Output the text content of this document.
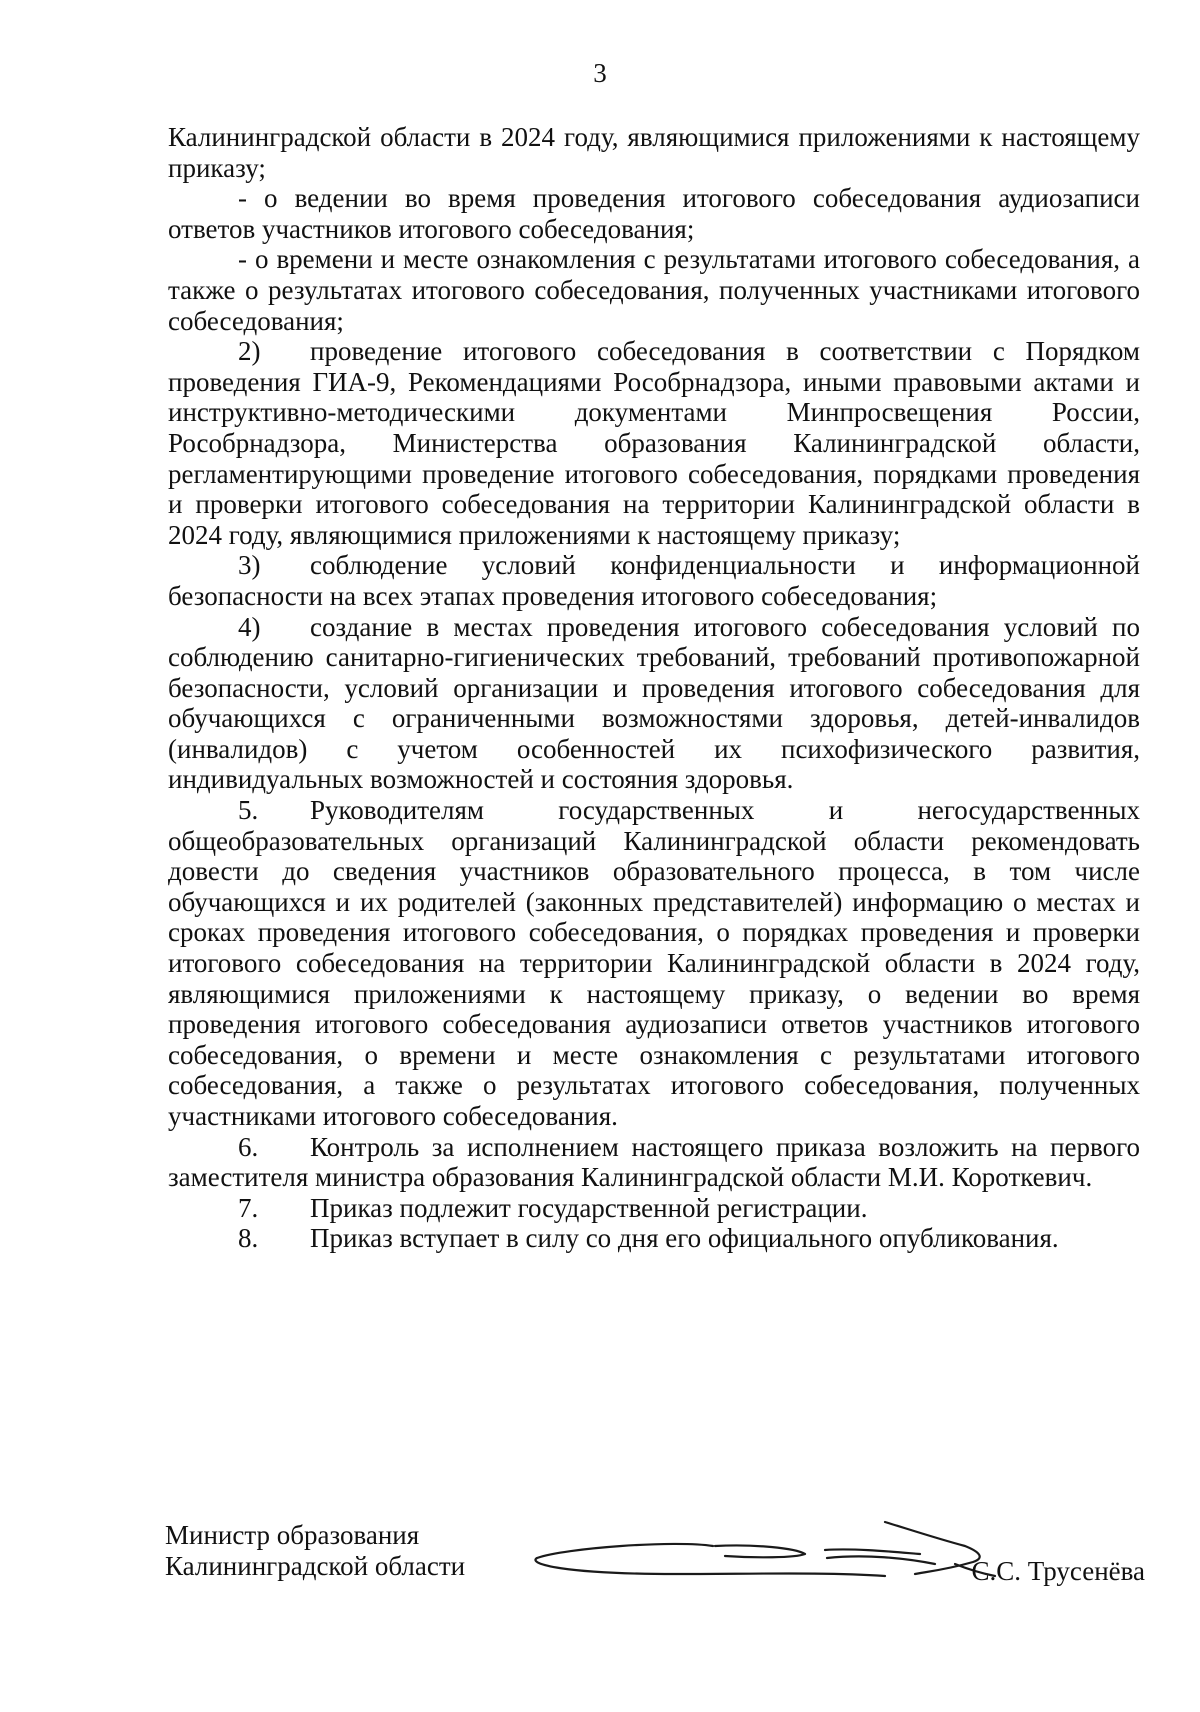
3

Калининградской области в 2024 году, являющимися приложениями к настоящему приказу;

- о ведении во время проведения итогового собеседования аудиозаписи ответов участников итогового собеседования;

- о времени и месте ознакомления с результатами итогового собеседования, а также о результатах итогового собеседования, полученных участниками итогового собеседования;

2) проведение итогового собеседования в соответствии с Порядком проведения ГИА-9, Рекомендациями Рособрнадзора, иными правовыми актами и инструктивно-методическими документами Минпросвещения России, Рособрнадзора, Министерства образования Калининградской области, регламентирующими проведение итогового собеседования, порядками проведения и проверки итогового собеседования на территории Калининградской области в 2024 году, являющимися приложениями к настоящему приказу;

3) соблюдение условий конфиденциальности и информационной безопасности на всех этапах проведения итогового собеседования;

4) создание в местах проведения итогового собеседования условий по соблюдению санитарно-гигиенических требований, требований противопожарной безопасности, условий организации и проведения итогового собеседования для обучающихся с ограниченными возможностями здоровья, детей-инвалидов (инвалидов) с учетом особенностей их психофизического развития, индивидуальных возможностей и состояния здоровья.

5. Руководителям государственных и негосударственных общеобразовательных организаций Калининградской области рекомендовать довести до сведения участников образовательного процесса, в том числе обучающихся и их родителей (законных представителей) информацию о местах и сроках проведения итогового собеседования, о порядках проведения и проверки итогового собеседования на территории Калининградской области в 2024 году, являющимися приложениями к настоящему приказу, о ведении во время проведения итогового собеседования аудиозаписи ответов участников итогового собеседования, о времени и месте ознакомления с результатами итогового собеседования, а также о результатах итогового собеседования, полученных участниками итогового собеседования.

6. Контроль за исполнением настоящего приказа возложить на первого заместителя министра образования Калининградской области М.И. Короткевич.

7. Приказ подлежит государственной регистрации.

8. Приказ вступает в силу со дня его официального опубликования.

Министр образования
Калининградской области	С.С. Трусенёва
